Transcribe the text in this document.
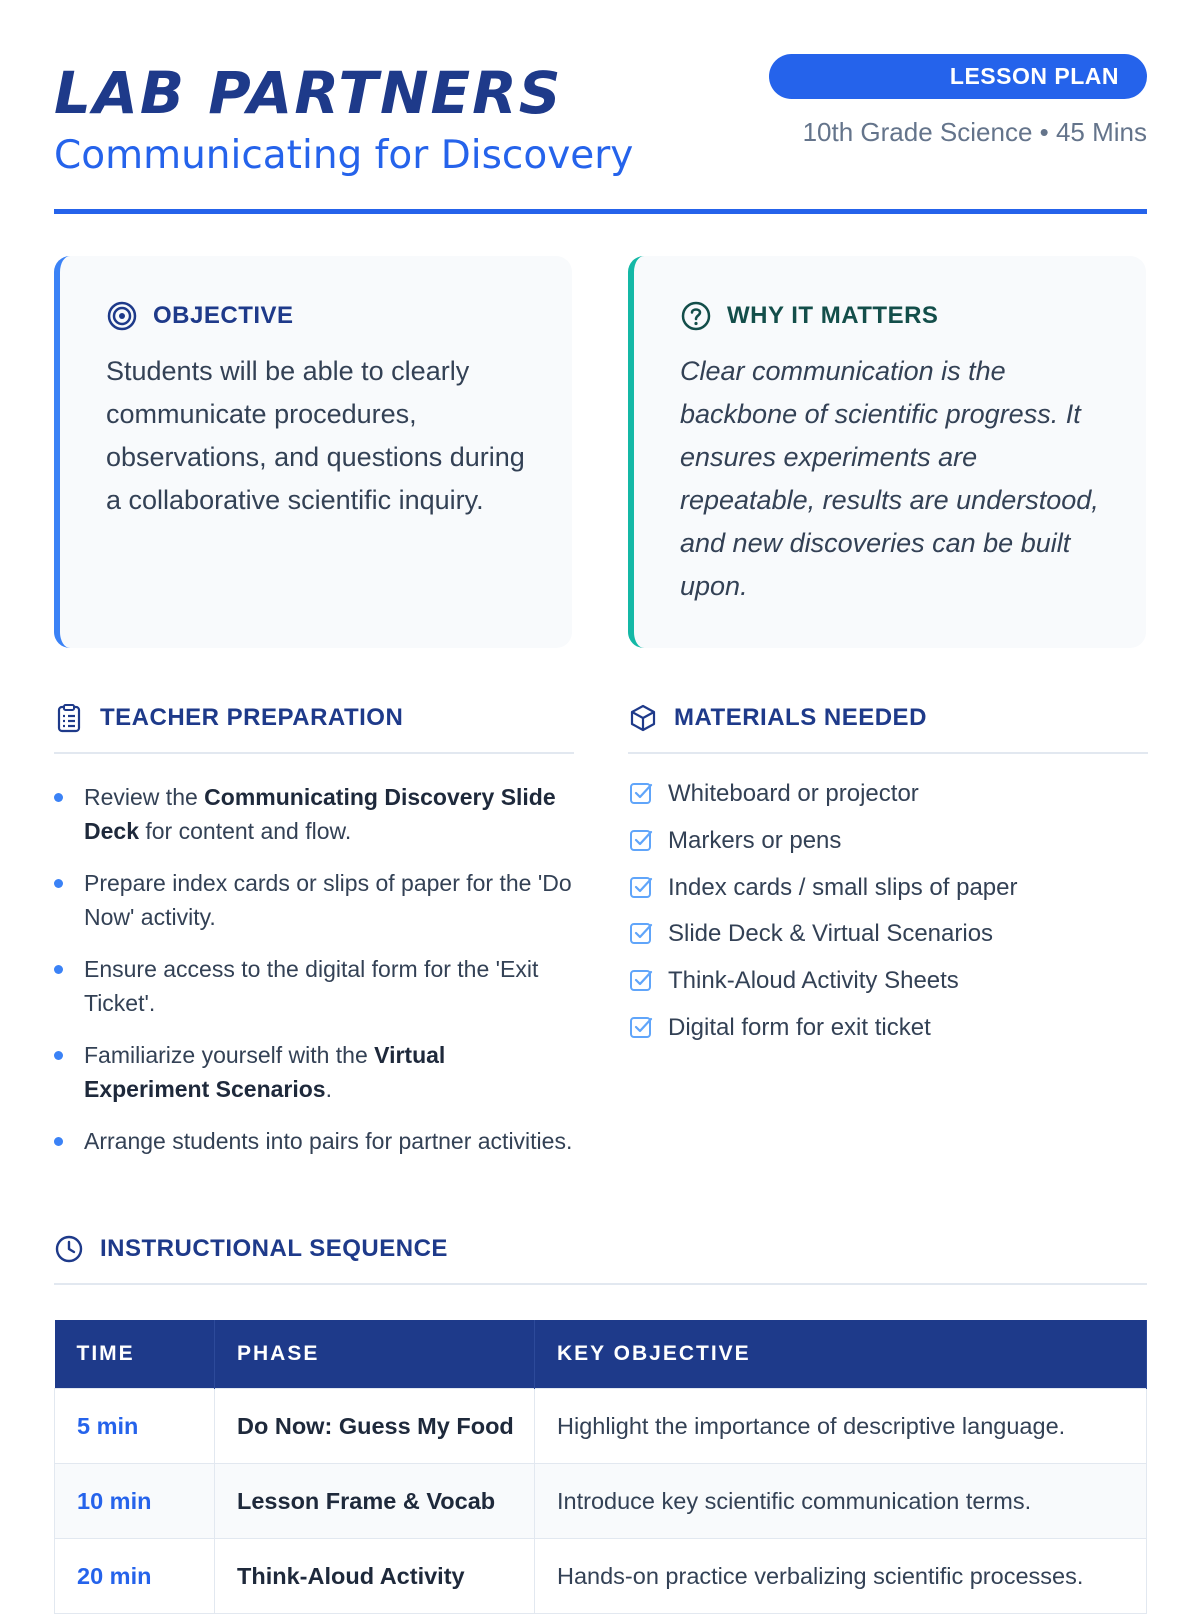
LAB PARTNERS
Communicating for Discovery
LESSON PLAN
10th Grade Science • 45 Mins
OBJECTIVE
Students will be able to clearly communicate procedures, observations, and questions during a collaborative scientific inquiry.
WHY IT MATTERS
Clear communication is the backbone of scientific progress. It ensures experiments are repeatable, results are understood, and new discoveries can be built upon.
TEACHER PREPARATION
Review the Communicating Discovery Slide Deck for content and flow.
Prepare index cards or slips of paper for the 'Do Now' activity.
Ensure access to the digital form for the 'Exit Ticket'.
Familiarize yourself with the Virtual Experiment Scenarios.
Arrange students into pairs for partner activities.
MATERIALS NEEDED
Whiteboard or projector
Markers or pens
Index cards / small slips of paper
Slide Deck & Virtual Scenarios
Think-Aloud Activity Sheets
Digital form for exit ticket
INSTRUCTIONAL SEQUENCE
TIME	PHASE	KEY OBJECTIVE
5 min	Do Now: Guess My Food	Highlight the importance of descriptive language.
10 min	Lesson Frame & Vocab	Introduce key scientific communication terms.
20 min	Think-Aloud Activity	Hands-on practice verbalizing scientific processes.
